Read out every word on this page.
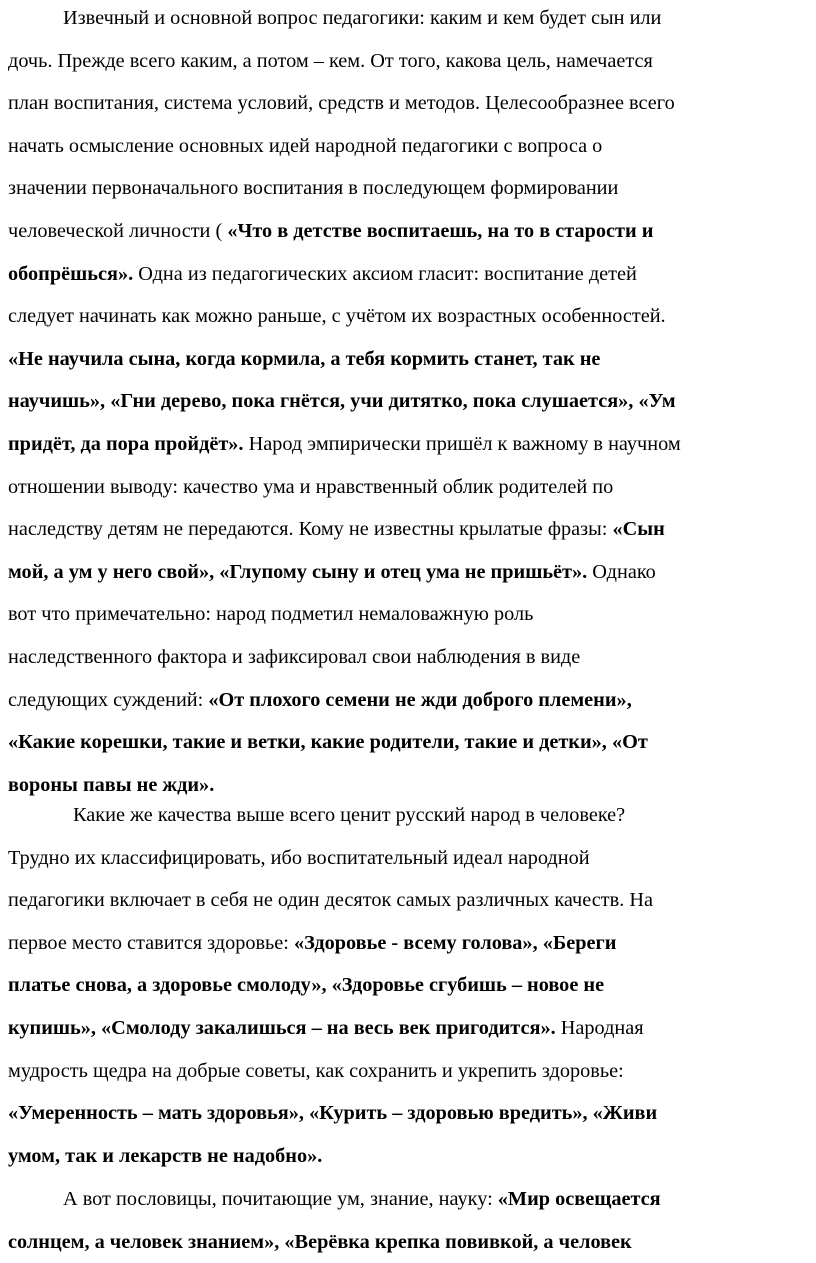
Извечный и основной вопрос педагогики: каким и кем будет сын или
дочь. Прежде всего каким, а потом – кем. От того, какова цель, намечается
план воспитания, система условий, средств и методов. Целесообразнее всего
начать осмысление основных идей народной педагогики с вопроса о
значении первоначального воспитания в последующем формировании
человеческой личности ( «Что в детстве воспитаешь, на то в старости и
обопрёшься». Одна из педагогических аксиом гласит: воспитание детей
следует начинать как можно раньше, с учётом их возрастных особенностей.
«Не научила сына, когда кормила, а тебя кормить станет, так не
научишь», «Гни дерево, пока гнётся, учи дитятко, пока слушается», «Ум
придёт, да пора пройдёт». Народ эмпирически пришёл к важному в научном
отношении выводу: качество ума и нравственный облик родителей по
наследству детям не передаются. Кому не известны крылатые фразы: «Сын
мой, а ум у него свой», «Глупому сыну и отец ума не пришьёт». Однако
вот что примечательно: народ подметил немаловажную роль
наследственного фактора и зафиксировал свои наблюдения в виде
следующих суждений: «От плохого семени не жди доброго племени»,
«Какие корешки, такие и ветки, какие родители, такие и детки», «От
вороны павы не жди».
Какие же качества выше всего ценит русский народ в человеке?
Трудно их классифицировать, ибо воспитательный идеал народной
педагогики включает в себя не один десяток самых различных качеств. На
первое место ставится здоровье: «Здоровье - всему голова», «Береги
платье снова, а здоровье смолоду», «Здоровье сгубишь – новое не
купишь», «Смолоду закалишься – на весь век пригодится». Народная
мудрость щедра на добрые советы, как сохранить и укрепить здоровье:
«Умеренность – мать здоровья», «Курить – здоровью вредить», «Живи
умом, так и лекарств не надобно».
А вот пословицы, почитающие ум, знание, науку: «Мир освещается
солнцем, а человек знанием», «Верёвка крепка повивкой, а человек
